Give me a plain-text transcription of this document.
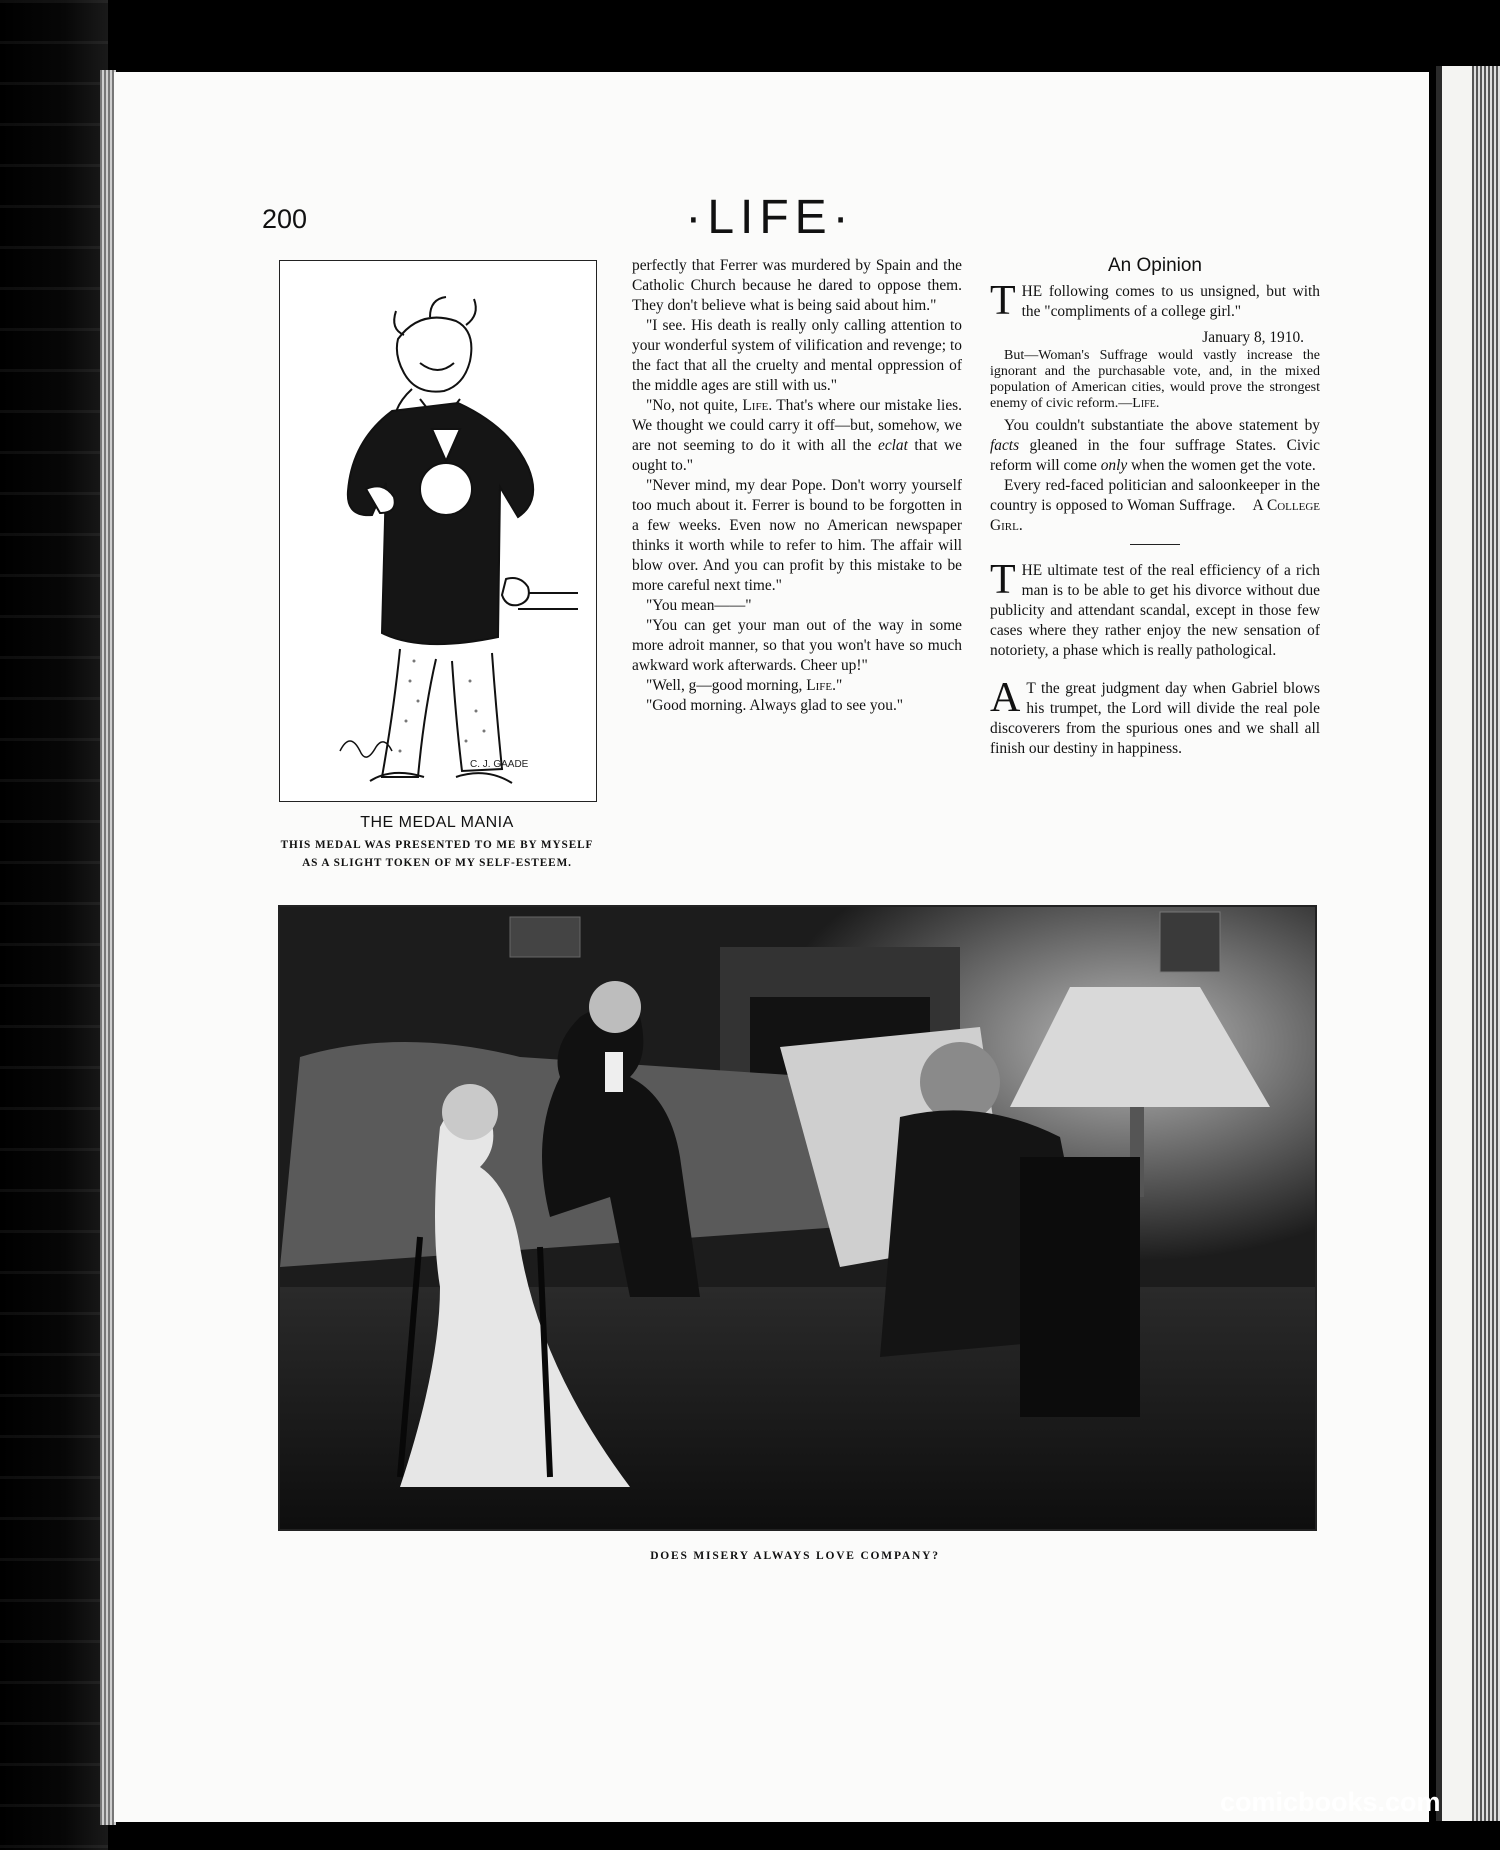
200	·LIFE·
C. J. GAADE
THE MEDAL MANIA
THIS MEDAL WAS PRESENTED TO ME BY MYSELF
AS A SLIGHT TOKEN OF MY SELF-ESTEEM.

perfectly that Ferrer was murdered by Spain and the Catholic Church because he dared to oppose them. They don't believe what is being said about him."

"I see. His death is really only calling attention to your wonderful system of vilification and revenge; to the fact that all the cruelty and mental oppression of the middle ages are still with us."

"No, not quite, Life. That's where our mistake lies. We thought we could carry it off—but, somehow, we are not seeming to do it with all the eclat that we ought to."

"Never mind, my dear Pope. Don't worry yourself too much about it. Ferrer is bound to be forgotten in a few weeks. Even now no American newspaper thinks it worth while to refer to him. The affair will blow over. And you can profit by this mistake to be more careful next time."

"You mean——"

"You can get your man out of the way in some more adroit manner, so that you won't have so much awkward work afterwards. Cheer up!"

"Well, g—good morning, Life."

"Good morning. Always glad to see you."

An Opinion

THE following comes to us unsigned, but with the "compliments of a college girl."

January 8, 1910.

But—Woman's Suffrage would vastly increase the ignorant and the purchasable vote, and, in the mixed population of American cities, would prove the strongest enemy of civic reform.—Life.

You couldn't substantiate the above statement by facts gleaned in the four suffrage States. Civic reform will come only when the women get the vote.

Every red-faced politician and saloonkeeper in the country is opposed to Woman Suffrage. A College Girl.

THE ultimate test of the real efficiency of a rich man is to be able to get his divorce without due publicity and attendant scandal, except in those few cases where they rather enjoy the new sensation of notoriety, a phase which is really pathological.

A T the great judgment day when Gabriel blows his trumpet, the Lord will divide the real pole discoverers from the spurious ones and we shall all finish our destiny in happiness.

DOES MISERY ALWAYS LOVE COMPANY?
comicbooks.com
